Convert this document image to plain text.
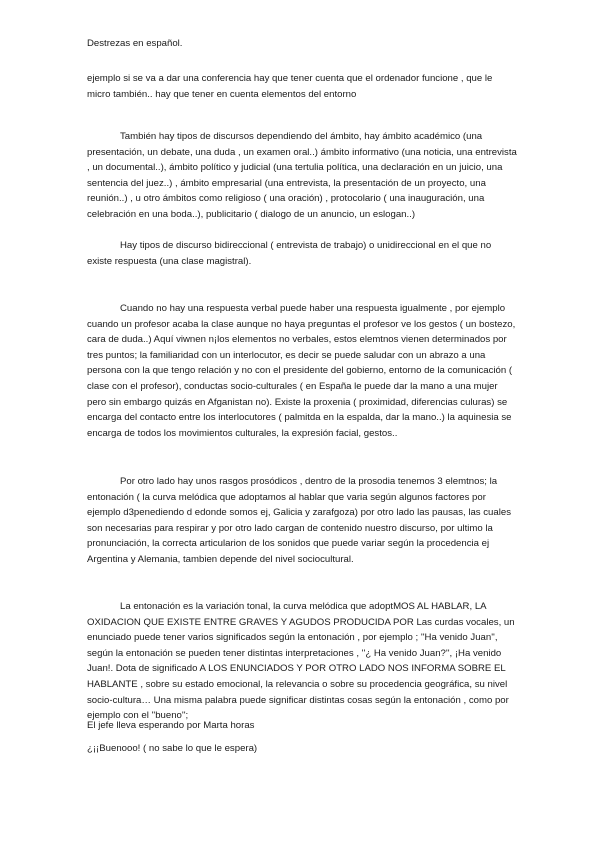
Destrezas en español.

ejemplo si se va a dar una conferencia hay que tener cuenta que el ordenador funcione , que le micro también.. hay que tener en cuenta elementos del entorno

También hay tipos de discursos dependiendo del ámbito, hay ámbito académico (una presentación, un debate, una duda , un examen oral..) ámbito informativo (una noticia, una entrevista , un documental..), ámbito político y judicial (una tertulia política, una declaración en un juicio, una sentencia del juez..) , ámbito empresarial (una entrevista, la presentación de un proyecto, una reunión..) , u otro ámbitos como religioso ( una oración) , protocolario ( una inauguración, una celebración en una boda..), publicitario ( dialogo de un anuncio, un eslogan..)

Hay tipos de discurso bidireccional ( entrevista de trabajo) o unidireccional en el que no existe respuesta (una clase magistral).

Cuando no hay una respuesta verbal puede haber una respuesta igualmente , por ejemplo cuando un profesor acaba la clase aunque no haya preguntas el profesor ve los gestos ( un bostezo, cara de duda..) Aquí viwnen n¡los elementos no verbales, estos elemtnos vienen determinados por tres puntos; la familiaridad con un interlocutor, es decir se puede saludar con un abrazo a una persona con la que tengo relación y no con el presidente del gobierno, entorno de la comunicación ( clase con el profesor), conductas socio-culturales ( en España le puede dar la mano a una mujer pero sin embargo quizás en Afganistan no). Existe la proxenia ( proximidad, diferencias culuras) se encarga del contacto entre los interlocutores ( palmitda en la espalda, dar la mano..) la aquinesia se encarga de todos los movimientos culturales, la expresión facial, gestos..

Por otro lado hay unos rasgos prosódicos , dentro de la prosodia tenemos 3 elemtnos; la entonación ( la curva melódica que adoptamos al hablar que varia según algunos factores por ejemplo d3penediendo d edonde somos ej, Galicia y zarafgoza) por otro lado las pausas, las cuales son necesarias para respirar y por otro lado cargan de contenido nuestro discurso, por ultimo la pronunciación, la correcta articularion de los sonidos que puede variar según la procedencia ej Argentina y Alemania, tambien depende del nivel sociocultural.

La entonación es la variación tonal, la curva melódica que adoptMOS AL HABLAR, LA OXIDACION QUE EXISTE ENTRE GRAVES Y AGUDOS PRODUCIDA POR Las curdas vocales, un enunciado puede tener varios significados según la entonación , por ejemplo ; ''Ha venido Juan'', según la entonación se pueden tener distintas interpretaciones , ''¿ Ha venido Juan?'', ¡Ha venido Juan!. Dota de significado A LOS ENUNCIADOS Y POR OTRO LADO NOS INFORMA SOBRE EL HABLANTE , sobre su estado emocional, la relevancia o sobre su procedencia geográfica, su nivel socio-cultura… Una misma palabra puede significar distintas cosas según la entonación , como por ejemplo con el ''bueno'';

El jefe lleva esperando por Marta horas

¿¡¡Buenooo! ( no sabe lo que le espera)
